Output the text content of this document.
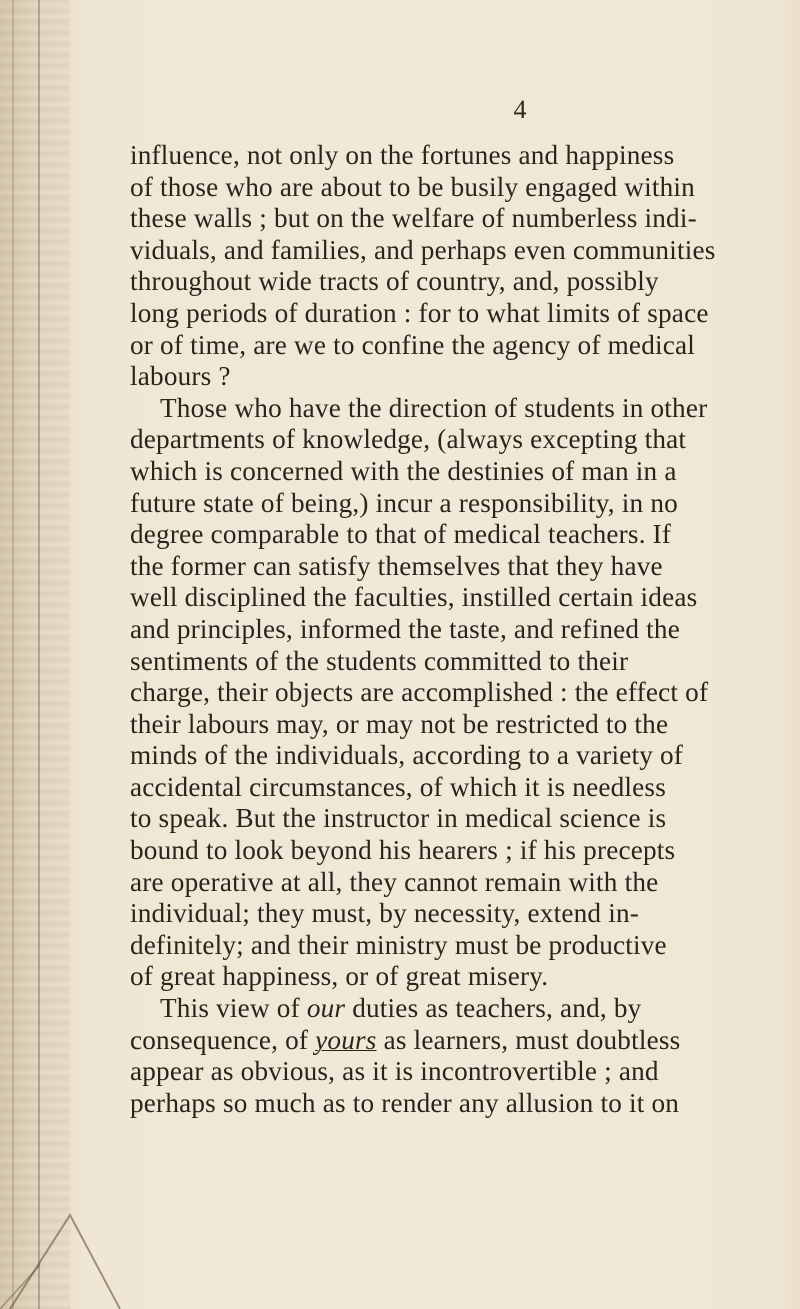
4
influence, not only on the fortunes and happiness
of those who are about to be busily engaged within
these walls ; but on the welfare of numberless indi-
viduals, and families, and perhaps even communities
throughout wide tracts of country, and, possibly
long periods of duration : for to what limits of space
or of time, are we to confine the agency of medical
labours ?
Those who have the direction of students in other
departments of knowledge, (always excepting that
which is concerned with the destinies of man in a
future state of being,) incur a responsibility, in no
degree comparable to that of medical teachers. If
the former can satisfy themselves that they have
well disciplined the faculties, instilled certain ideas
and principles, informed the taste, and refined the
sentiments of the students committed to their
charge, their objects are accomplished : the effect of
their labours may, or may not be restricted to the
minds of the individuals, according to a variety of
accidental circumstances, of which it is needless
to speak. But the instructor in medical science is
bound to look beyond his hearers ; if his precepts
are operative at all, they cannot remain with the
individual; they must, by necessity, extend in-
definitely; and their ministry must be productive
of great happiness, or of great misery.
This view of our duties as teachers, and, by
consequence, of yours as learners, must doubtless
appear as obvious, as it is incontrovertible ; and
perhaps so much as to render any allusion to it on
